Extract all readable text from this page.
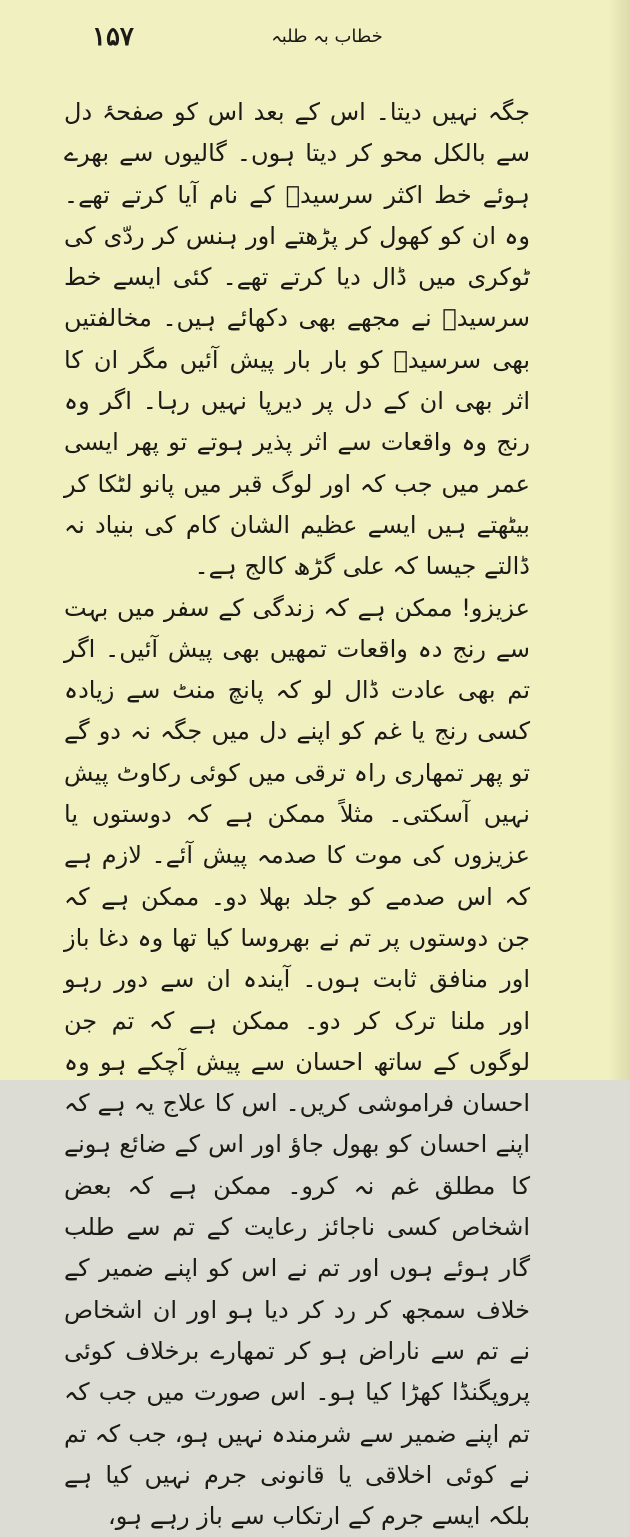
۱۵۷	خطاب بہ طلبہ

جگہ نہیں دیتا۔ اس کے بعد اس کو صفحۂ دل سے بالکل محو کر دیتا ہوں۔ گالیوں سے بھرے ہوئے خط اکثر سرسیدؔ کے نام آیا کرتے تھے۔ وہ ان کو کھول کر پڑھتے اور ہنس کر ردّی کی ٹوکری میں ڈال دیا کرتے تھے۔ کئی ایسے خط سرسیدؔ نے مجھے بھی دکھائے ہیں۔ مخالفتیں بھی سرسیدؔ کو بار بار پیش آئیں مگر ان کا اثر بھی ان کے دل پر دیرپا نہیں رہا۔ اگر وہ رنج وہ واقعات سے اثر پذیر ہوتے تو پھر ایسی عمر میں جب کہ اور لوگ قبر میں پانو لٹکا کر بیٹھتے ہیں ایسے عظیم الشان کام کی بنیاد نہ ڈالتے جیسا کہ علی گڑھ کالج ہے۔

عزیزو! ممکن ہے کہ زندگی کے سفر میں بہت سے رنج دہ واقعات تمھیں بھی پیش آئیں۔ اگر تم بھی عادت ڈال لو کہ پانچ منٹ سے زیادہ کسی رنج یا غم کو اپنے دل میں جگہ نہ دو گے تو پھر تمھاری راہ ترقی میں کوئی رکاوٹ پیش نہیں آسکتی۔ مثلاً ممکن ہے کہ دوستوں یا عزیزوں کی موت کا صدمہ پیش آئے۔ لازم ہے کہ اس صدمے کو جلد بھلا دو۔ ممکن ہے کہ جن دوستوں پر تم نے بھروسا کیا تھا وہ دغا باز اور منافق ثابت ہوں۔ آیندہ ان سے دور رہو اور ملنا ترک کر دو۔ ممکن ہے کہ تم جن لوگوں کے ساتھ احسان سے پیش آچکے ہو وہ احسان فراموشی کریں۔ اس کا علاج یہ ہے کہ اپنے احسان کو بھول جاؤ اور اس کے ضائع ہونے کا مطلق غم نہ کرو۔ ممکن ہے کہ بعض اشخاص کسی ناجائز رعایت کے تم سے طلب گار ہوئے ہوں اور تم نے اس کو اپنے ضمیر کے خلاف سمجھ کر رد کر دیا ہو اور ان اشخاص نے تم سے ناراض ہو کر تمھارے برخلاف کوئی پروپگنڈا کھڑا کیا ہو۔ اس صورت میں جب کہ تم اپنے ضمیر سے شرمندہ نہیں ہو، جب کہ تم نے کوئی اخلاقی یا قانونی جرم نہیں کیا ہے بلکہ ایسے جرم کے ارتکاب سے باز رہے ہو،
